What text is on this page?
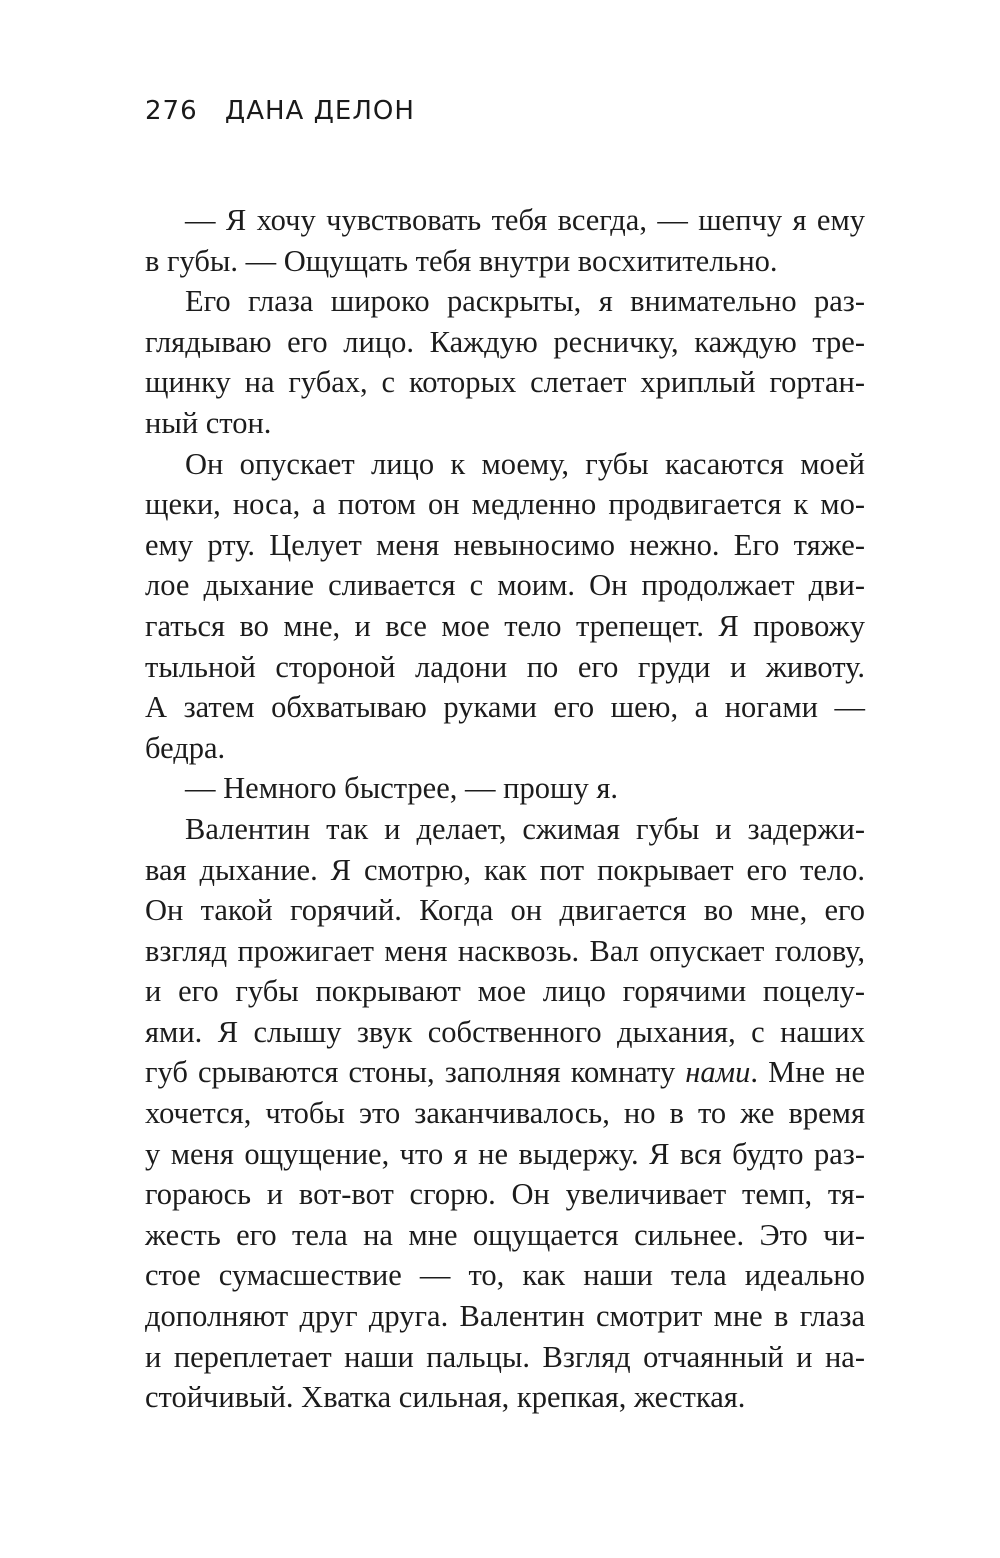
276 ДАНА ДЕЛОН
— Я хочу чувствовать тебя всегда, — шепчу я ему
в губы. — Ощущать тебя внутри восхитительно.
Его глаза широко раскрыты, я внимательно раз-
глядываю его лицо. Каждую ресничку, каждую тре-
щинку на губах, с которых слетает хриплый гортан-
ный стон.
Он опускает лицо к моему, губы касаются моей
щеки, носа, а потом он медленно продвигается к мо-
ему рту. Целует меня невыносимо нежно. Его тяже-
лое дыхание сливается с моим. Он продолжает дви-
гаться во мне, и все мое тело трепещет. Я провожу
тыльной стороной ладони по его груди и животу.
А затем обхватываю руками его шею, а ногами —
бедра.
— Немного быстрее, — прошу я.
Валентин так и делает, сжимая губы и задержи-
вая дыхание. Я смотрю, как пот покрывает его тело.
Он такой горячий. Когда он двигается во мне, его
взгляд прожигает меня насквозь. Вал опускает голову,
и его губы покрывают мое лицо горячими поцелу-
ями. Я слышу звук собственного дыхания, с наших
губ срываются стоны, заполняя комнату нами. Мне не
хочется, чтобы это заканчивалось, но в то же время
у меня ощущение, что я не выдержу. Я вся будто раз-
гораюсь и вот-вот сгорю. Он увеличивает темп, тя-
жесть его тела на мне ощущается сильнее. Это чи-
стое сумасшествие — то, как наши тела идеально
дополняют друг друга. Валентин смотрит мне в глаза
и переплетает наши пальцы. Взгляд отчаянный и на-
стойчивый. Хватка сильная, крепкая, жесткая.
